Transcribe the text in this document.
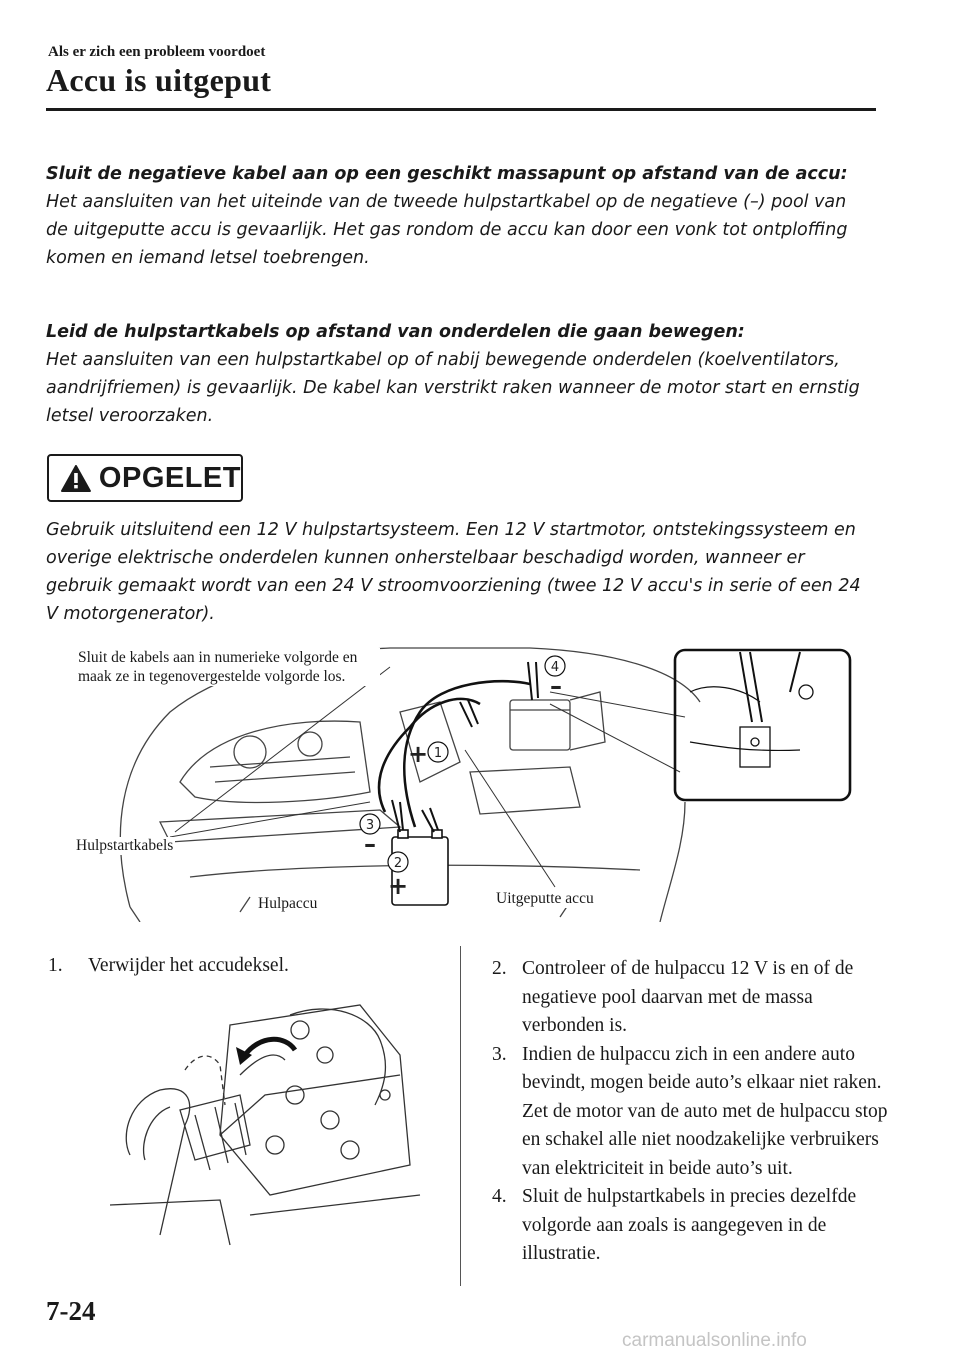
Als er zich een probleem voordoet
Accu is uitgeput
Sluit de negatieve kabel aan op een geschikt massapunt op afstand van de accu:
Het aansluiten van het uiteinde van de tweede hulpstartkabel op de negatieve (–) pool van de uitgeputte accu is gevaarlijk. Het gas rondom de accu kan door een vonk tot ontploffing komen en iemand letsel toebrengen.
Leid de hulpstartkabels op afstand van onderdelen die gaan bewegen:
Het aansluiten van een hulpstartkabel op of nabij bewegende onderdelen (koelventilators, aandrijfriemen) is gevaarlijk. De kabel kan verstrikt raken wanneer de motor start en ernstig letsel veroorzaken.
OPGELET
Gebruik uitsluitend een 12 V hulpstartsysteem. Een 12 V startmotor, ontstekingssysteem en overige elektrische onderdelen kunnen onherstelbaar beschadigd worden, wanneer er gebruik gemaakt wordt van een 24 V stroomvoorziening (twee 12 V accu's in serie of een 24 V motorgenerator).
1
+
2
+
3
–
4
–
Sluit de kabels aan in numerieke volgorde en maak ze in tegenovergestelde volgorde los.
Hulpstartkabels
Hulpaccu	Uitgeputte accu
1.	Verwijder het accudeksel.	2. Controleer of de hulpaccu 12 V is en of de negatieve pool daarvan met de massa verbonden is.
3. Indien de hulpaccu zich in een andere auto bevindt, mogen beide auto’s elkaar niet raken. Zet de motor van de auto met de hulpaccu stop en schakel alle niet noodzakelijke verbruikers van elektriciteit in beide auto’s uit.
4. Sluit de hulpstartkabels in precies dezelfde volgorde aan zoals is aangegeven in de illustratie.
7-24
carmanualsonline.info
